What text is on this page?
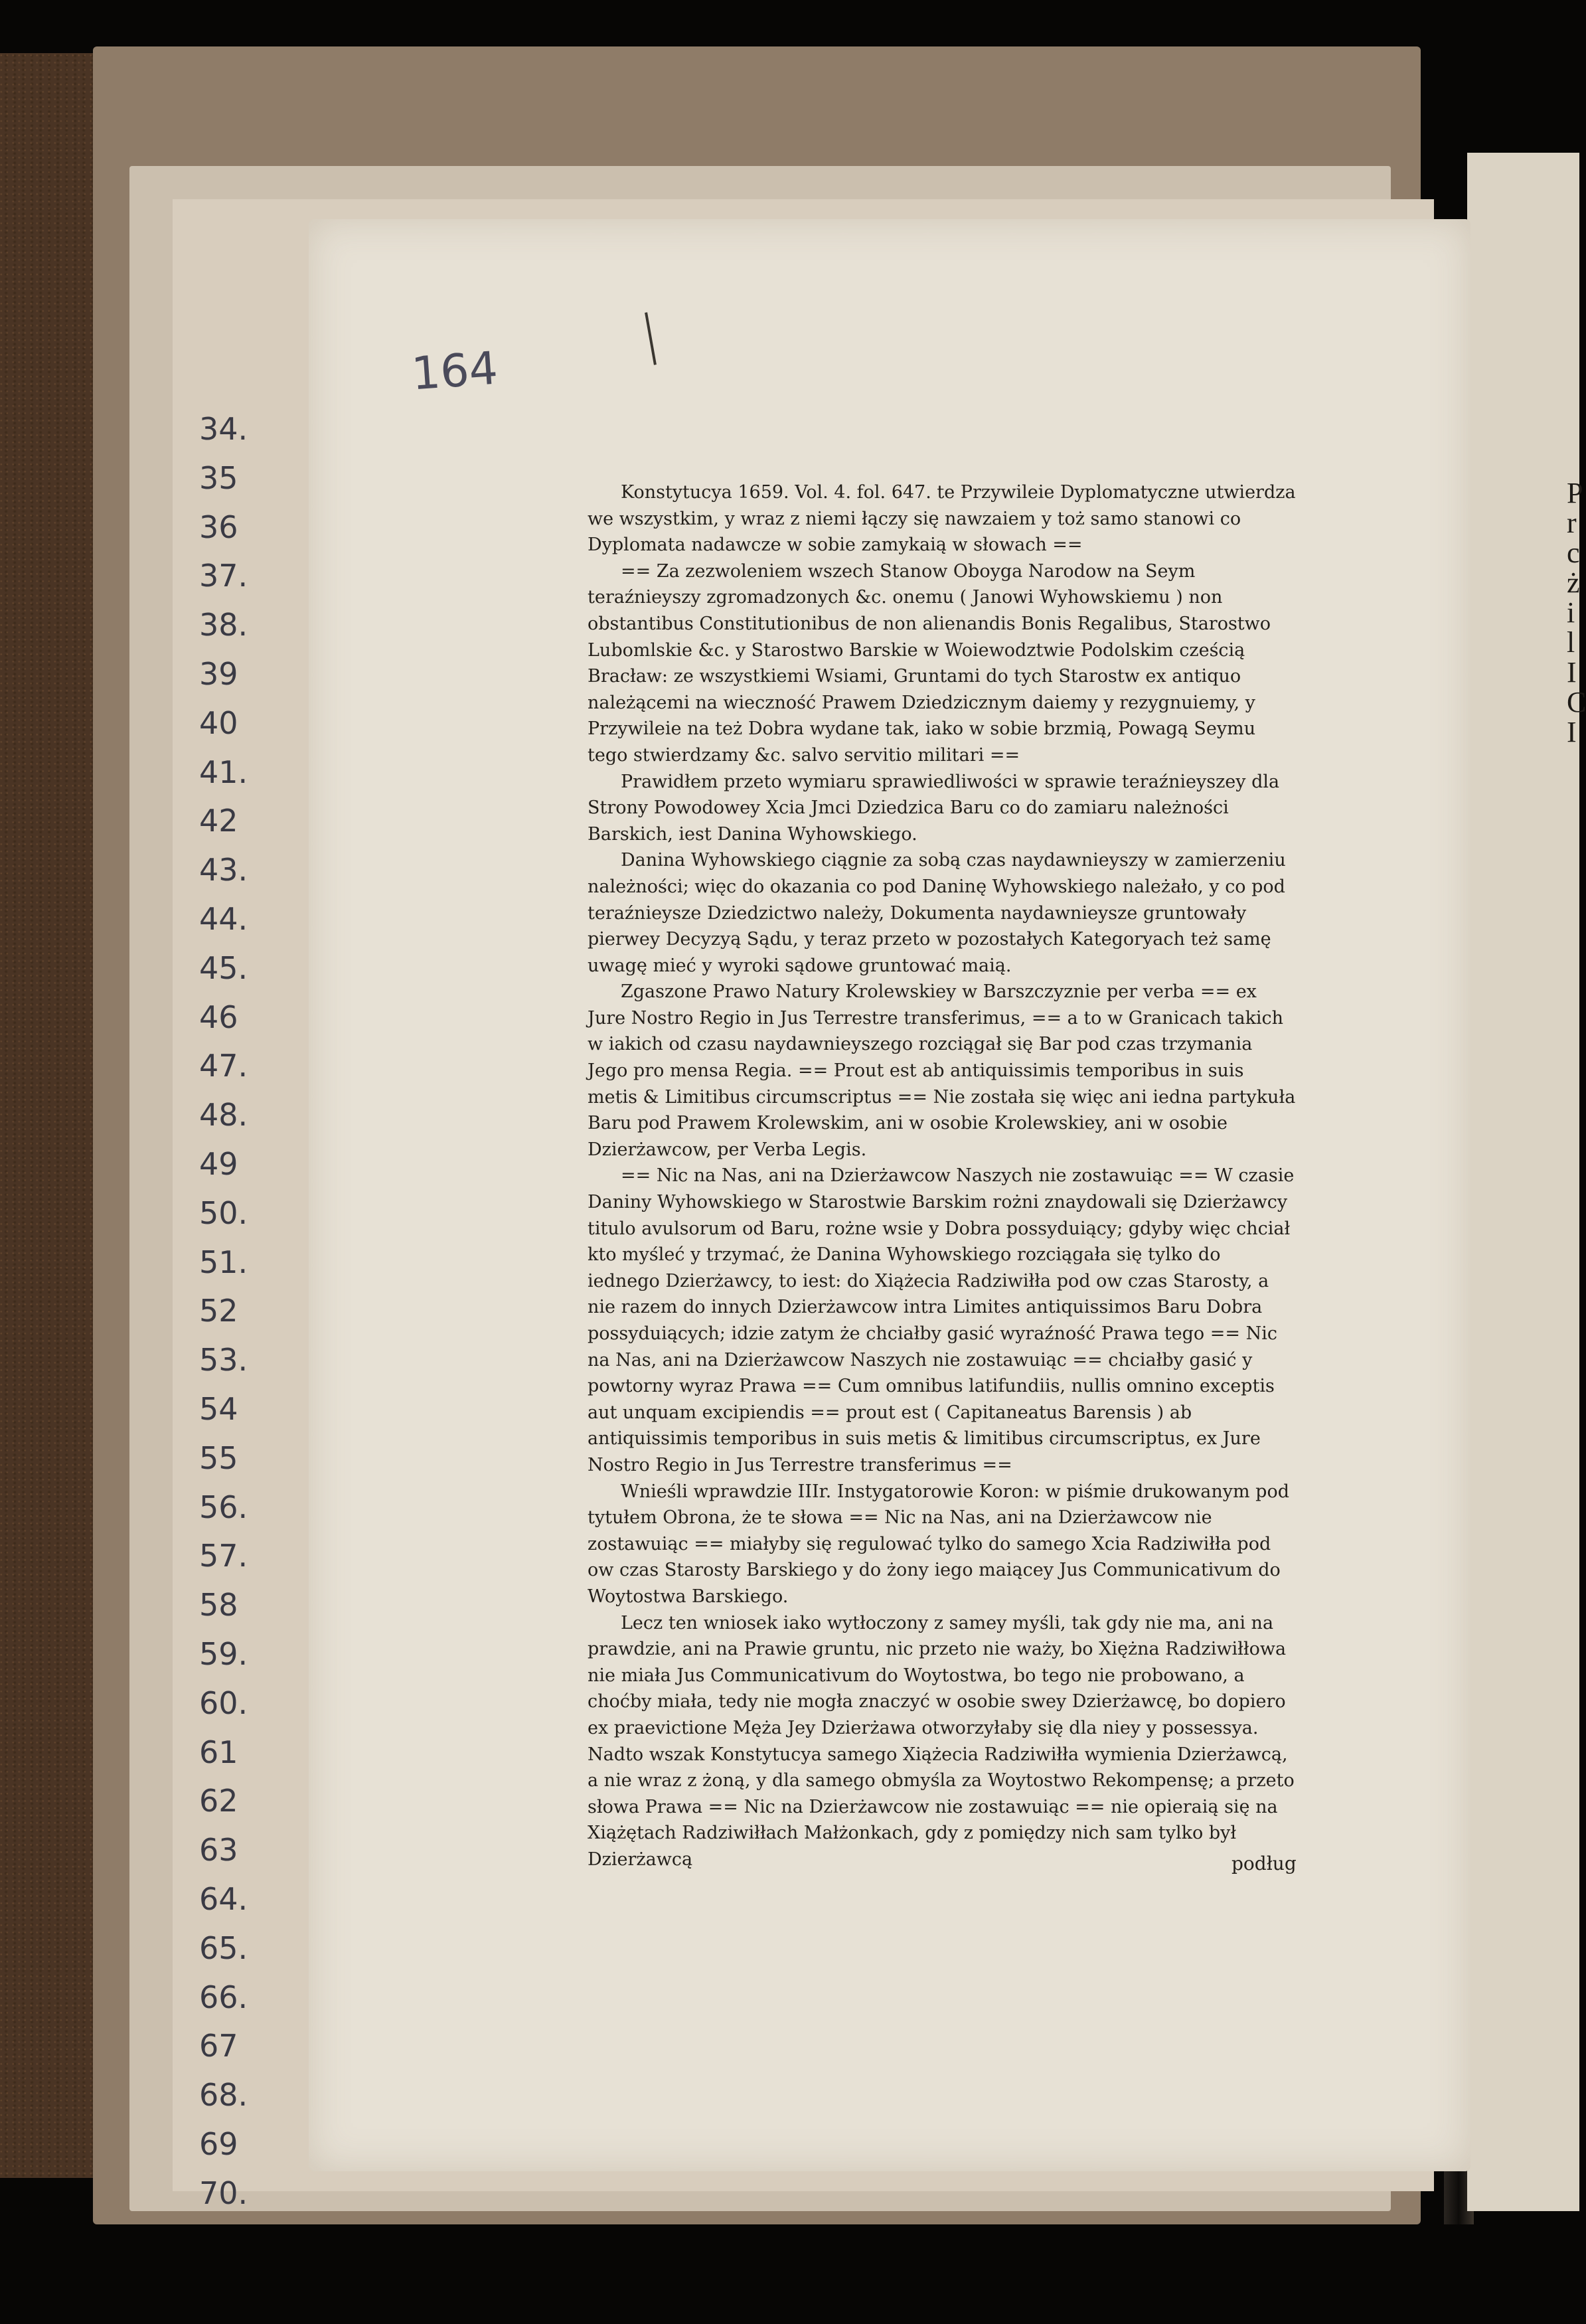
P
r
c
ż
i
l
I
C
I
34.
35
36
37.
38.
39
40
41.
42
43.
44.
45.
46
47.
48.
49
50.
51.
52
53.
54
55
56.
57.
58
59.
60.
61
62
63
64.
65.
66.
67
68.
69
70.
164

Konstytucya 1659. Vol. 4. fol. 647. te Przywileie Dyplomatyczne utwierdza we wszystkim, y wraz z niemi łączy się nawzaiem y toż samo stanowi co Dyplomata nadawcze w sobie zamykaią w słowach ==

== Za zezwoleniem wszech Stanow Oboyga Narodow na Seym teraźnieyszy zgromadzonych &c. onemu ( Janowi Wyhowskiemu ) non obstantibus Constitutionibus de non alienandis Bonis Regalibus, Starostwo Lubomlskie &c. y Starostwo Barskie w Woiewodztwie Podolskim cześcią Bracław: ze wszystkiemi Wsiami, Gruntami do tych Starostw ex antiquo należącemi na wieczność Prawem Dziedzicznym daiemy y rezygnuiemy, y Przywileie na też Dobra wydane tak, iako w sobie brzmią, Powagą Seymu tego stwierdzamy &c. salvo servitio militari ==

Prawidłem przeto wymiaru sprawiedliwości w sprawie teraźnieyszey dla Strony Powodowey Xcia Jmci Dziedzica Baru co do zamiaru należności Barskich, iest Danina Wyhowskiego.

Danina Wyhowskiego ciągnie za sobą czas naydawnieyszy w zamierzeniu należności; więc do okazania co pod Daninę Wyhowskiego należało, y co pod teraźnieysze Dziedzictwo należy, Dokumenta naydawnieysze gruntowały pierwey Decyzyą Sądu, y teraz przeto w pozostałych Kategoryach też samę uwagę mieć y wyroki sądowe gruntować maią.

Zgaszone Prawo Natury Krolewskiey w Barszczyznie per verba == ex Jure Nostro Regio in Jus Terrestre transferimus, == a to w Granicach takich w iakich od czasu naydawnieyszego rozciągał się Bar pod czas trzymania Jego pro mensa Regia. == Prout est ab antiquissimis temporibus in suis metis & Limitibus circumscriptus == Nie została się więc ani iedna partykuła Baru pod Prawem Krolewskim, ani w osobie Krolewskiey, ani w osobie Dzierżawcow, per Verba Legis.

== Nic na Nas, ani na Dzierżawcow Naszych nie zostawuiąc == W czasie Daniny Wyhowskiego w Starostwie Barskim rożni znaydowali się Dzierżawcy titulo avulsorum od Baru, rożne wsie y Dobra possyduiący; gdyby więc chciał kto myśleć y trzymać, że Danina Wyhowskiego rozciągała się tylko do iednego Dzierżawcy, to iest: do Xiążecia Radziwiłła pod ow czas Starosty, a nie razem do innych Dzierżawcow intra Limites antiquissimos Baru Dobra possyduiących; idzie zatym że chciałby gasić wyraźność Prawa tego == Nic na Nas, ani na Dzierżawcow Naszych nie zostawuiąc == chciałby gasić y powtorny wyraz Prawa == Cum omnibus latifundiis, nullis omnino exceptis aut unquam excipiendis == prout est ( Capitaneatus Barensis ) ab antiquissimis temporibus in suis metis & limitibus circumscriptus, ex Jure Nostro Regio in Jus Terrestre transferimus ==

Wnieśli wprawdzie IIIr. Instygatorowie Koron: w piśmie drukowanym pod tytułem Obrona, że te słowa == Nic na Nas, ani na Dzierżawcow nie zostawuiąc == miałyby się regulować tylko do samego Xcia Radziwiłła pod ow czas Starosty Barskiego y do żony iego maiącey Jus Communicativum do Woytostwa Barskiego.

Lecz ten wniosek iako wytłoczony z samey myśli, tak gdy nie ma, ani na prawdzie, ani na Prawie gruntu, nic przeto nie waży, bo Xiężna Radziwiłłowa nie miała Jus Communicativum do Woytostwa, bo tego nie probowano, a choćby miała, tedy nie mogła znaczyć w osobie swey Dzierżawcę, bo dopiero ex praevictione Męża Jey Dzierżawa otworzyłaby się dla niey y possessya. Nadto wszak Konstytucya samego Xiążecia Radziwiłła wymienia Dzierżawcą, a nie wraz z żoną, y dla samego obmyśla za Woytostwo Rekompensę; a przeto słowa Prawa == Nic na Dzierżawcow nie zostawuiąc == nie opieraią się na Xiążętach Radziwiłłach Małżonkach, gdy z pomiędzy nich sam tylko był Dzierżawcą	podług
